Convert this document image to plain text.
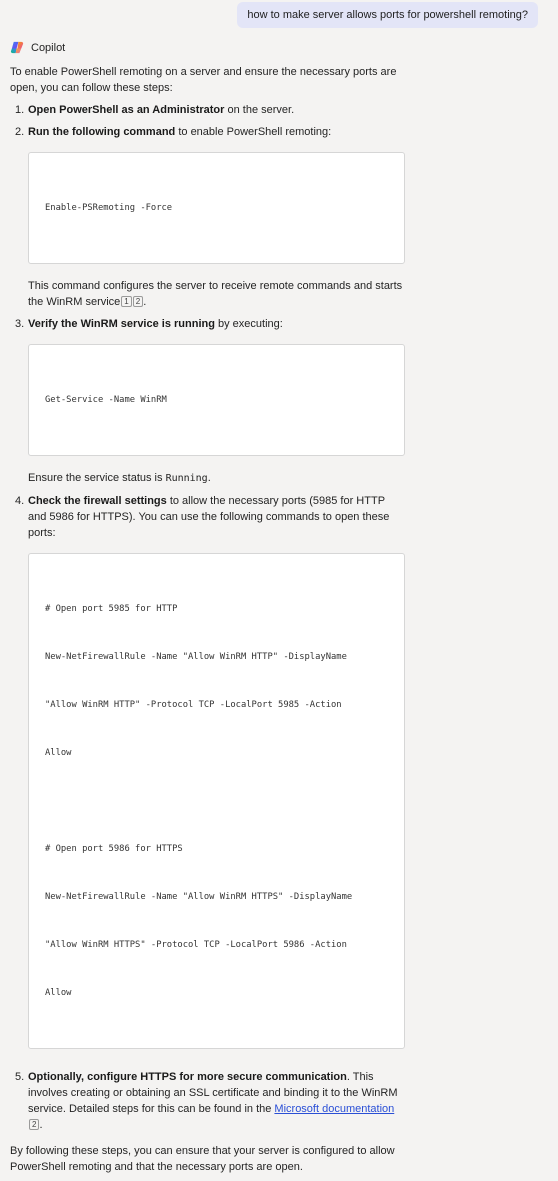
how to make server allows ports for powershell remoting?
Copilot
To enable PowerShell remoting on a server and ensure the necessary ports are open, you can follow these steps:
1. Open PowerShell as an Administrator on the server.
2. Run the following command to enable PowerShell remoting:

Enable-PSRemoting -Force

This command configures the server to receive remote commands and starts the WinRM service 1 2 .
3. Verify the WinRM service is running by executing:

Get-Service -Name WinRM

Ensure the service status is Running.
4. Check the firewall settings to allow the necessary ports (5985 for HTTP and 5986 for HTTPS). You can use the following commands to open these ports:

# Open port 5985 for HTTP

New-NetFirewallRule -Name "Allow WinRM HTTP" -DisplayName

"Allow WinRM HTTP" -Protocol TCP -LocalPort 5985 -Action

Allow

# Open port 5986 for HTTPS

New-NetFirewallRule -Name "Allow WinRM HTTPS" -DisplayName

"Allow WinRM HTTPS" -Protocol TCP -LocalPort 5986 -Action

Allow

5. Optionally, configure HTTPS for more secure communication. This involves creating or obtaining an SSL certificate and binding it to the WinRM service. Detailed steps for this can be found in the Microsoft documentation2 .
By following these steps, you can ensure that your server is configured to allow PowerShell remoting and that the necessary ports are open.
